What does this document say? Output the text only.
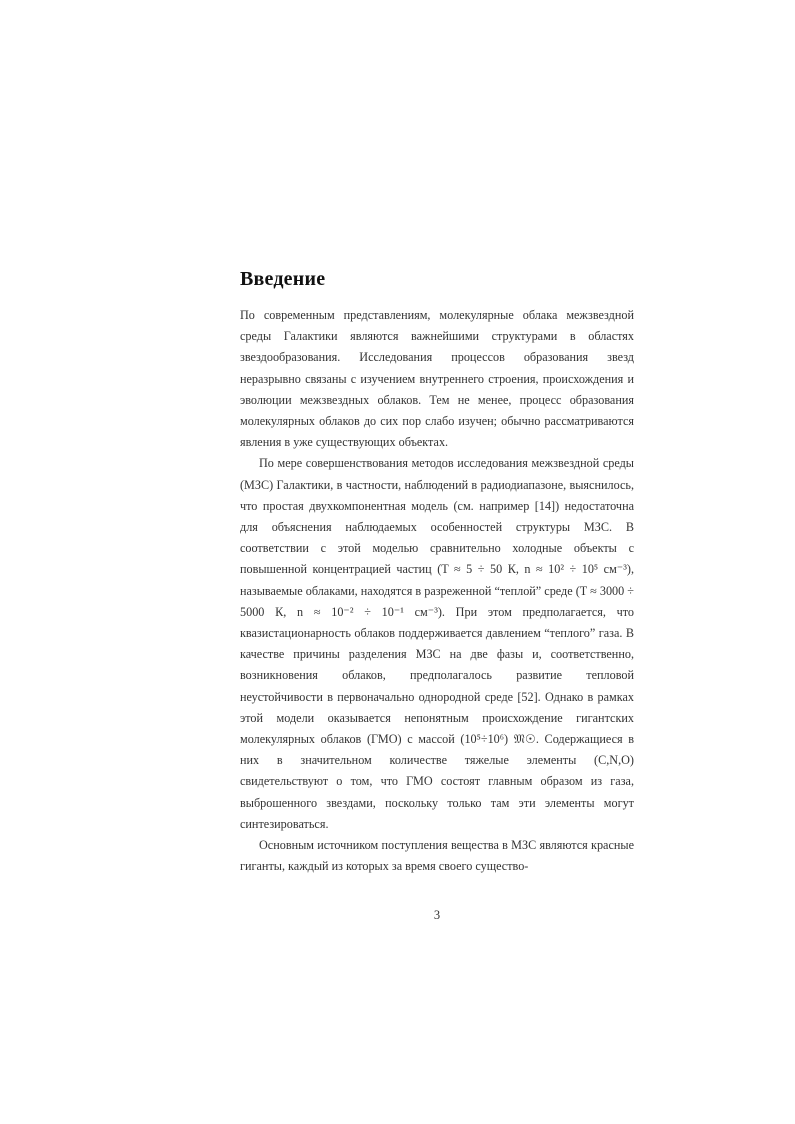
Введение

По современным представлениям, молекулярные облака межзвездной среды Галактики являются важнейшими структурами в областях звездообразования. Исследования процессов образования звезд неразрывно связаны с изучением внутреннего строения, происхождения и эволюции межзвездных облаков. Тем не менее, процесс образования молекулярных облаков до сих пор слабо изучен; обычно рассматриваются явления в уже существующих объектах.

По мере совершенствования методов исследования межзвездной среды (МЗС) Галактики, в частности, наблюдений в радиодиапазоне, выяснилось, что простая двухкомпонентная модель (см. например [14]) недостаточна для объяснения наблюдаемых особенностей структуры МЗС. В соответствии с этой моделью сравнительно холодные объекты с повышенной концентрацией частиц (T ≈ 5 ÷ 50 К, n ≈ 10² ÷ 10⁵ см⁻³), называемые облаками, находятся в разреженной “теплой” среде (T ≈ 3000 ÷ 5000 К, n ≈ 10⁻² ÷ 10⁻¹ см⁻³). При этом предполагается, что квазистационарность облаков поддерживается давлением “теплого” газа. В качестве причины разделения МЗС на две фазы и, соответственно, возникновения облаков, предполагалось развитие тепловой неустойчивости в первоначально однородной среде [52]. Однако в рамках этой модели оказывается непонятным происхождение гигантских молекулярных облаков (ГМО) с массой (10⁵÷10⁶) 𝔐☉. Содержащиеся в них в значительном количестве тяжелые элементы (C,N,O) свидетельствуют о том, что ГМО состоят главным образом из газа, выброшенного звездами, поскольку только там эти элементы могут синтезироваться.

Основным источником поступления вещества в МЗС являются красные гиганты, каждый из которых за время своего существо-

3
